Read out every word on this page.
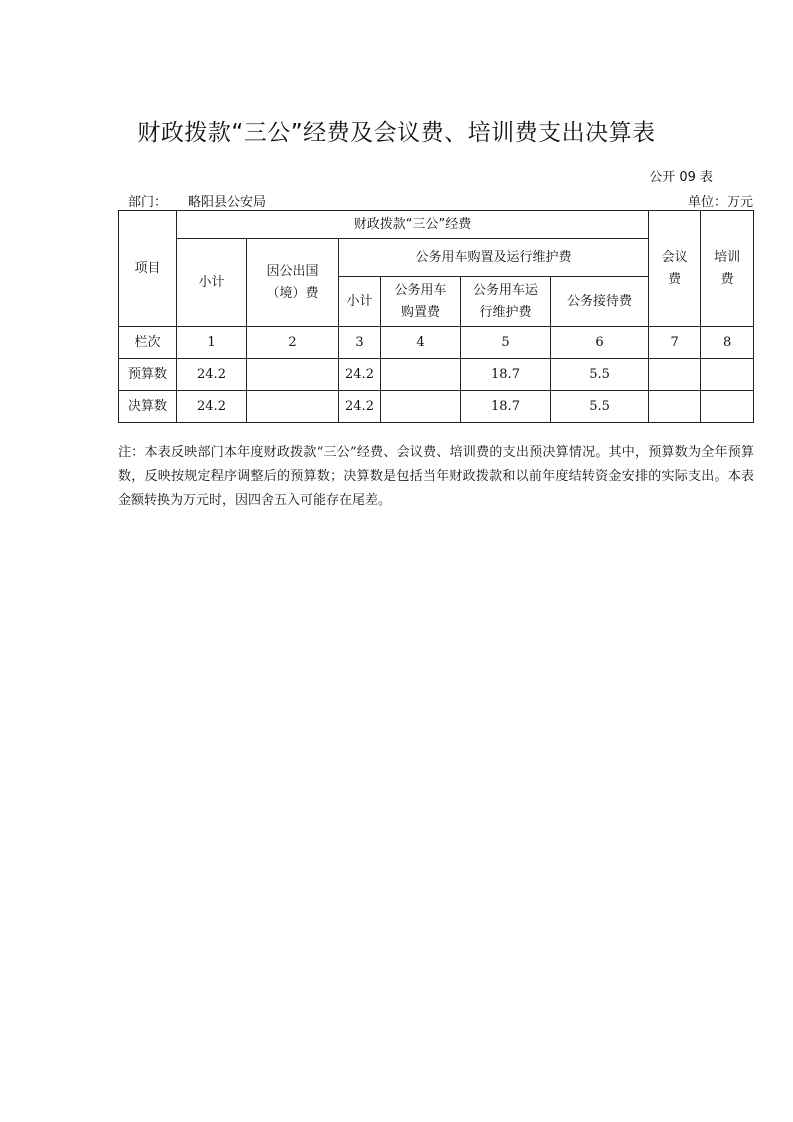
财政拨款“三公”经费及会议费、培训费支出决算表
公开 09 表
部门： 略阳县公安局	单位：万元
项目	财政拨款“三公”经费						会议费	培训费

	小计	因公出国（境）费	公务用车购置及运行维护费					
			小计	公务用车购置费	公务用车运行维护费	公务接待费		
栏次	1	2	3	4	5	6	7	8
预算数	24.2		24.2		18.7	5.5		
决算数	24.2		24.2		18.7	5.5		
注：本表反映部门本年度财政拨款“三公”经费、会议费、培训费的支出预决算情况。其中，预算数为全年预算数，反映按规定程序调整后的预算数；决算数是包括当年财政拨款和以前年度结转资金安排的实际支出。本表金额转换为万元时，因四舍五入可能存在尾差。
